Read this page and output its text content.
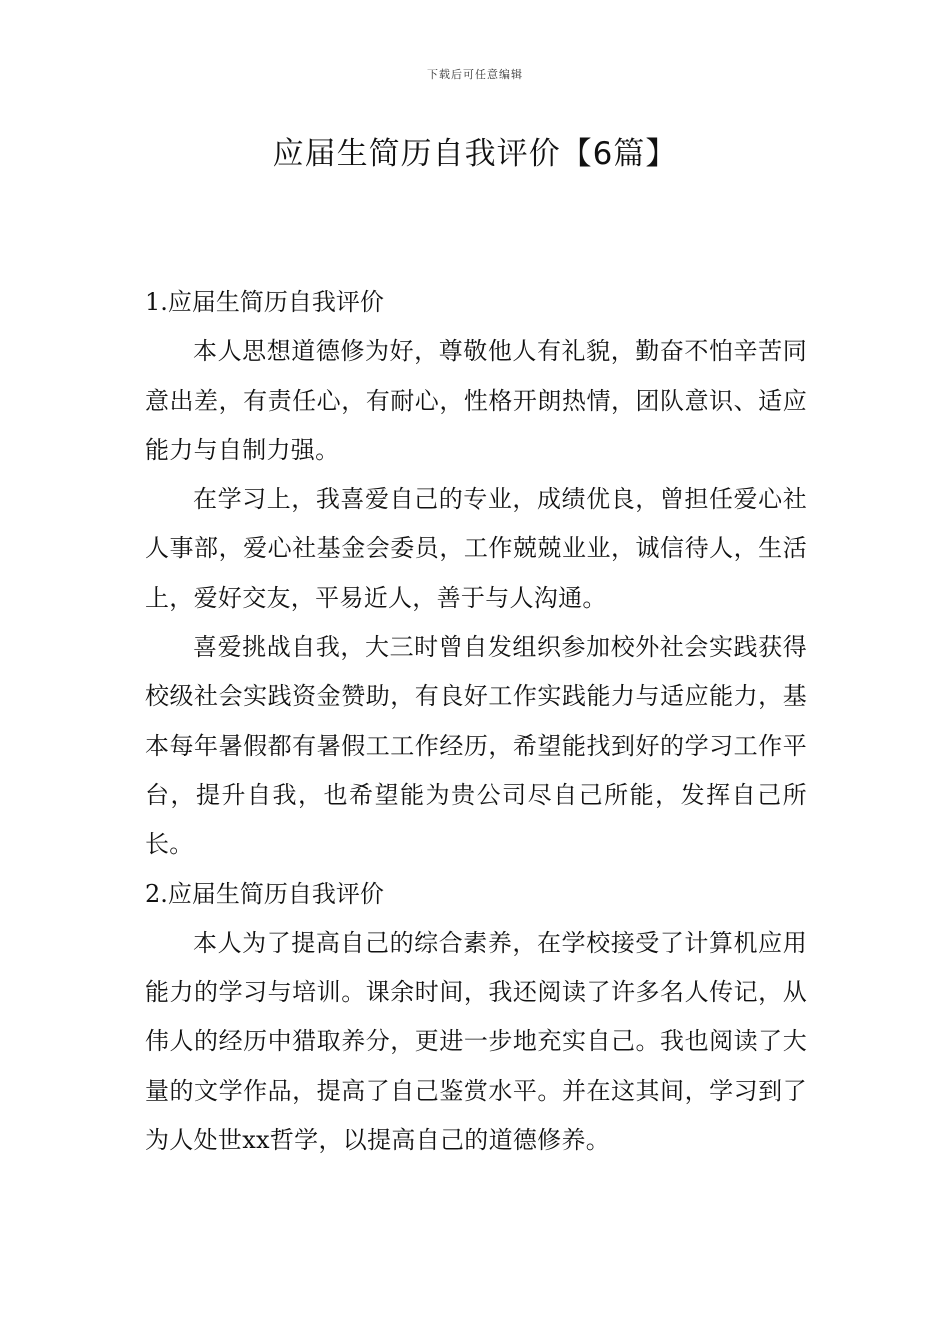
下载后可任意编辑
应届生简历自我评价【6篇】

1.应届生简历自我评价

本人思想道德修为好，尊敬他人有礼貌，勤奋不怕辛苦同意出差，有责任心，有耐心，性格开朗热情，团队意识、适应能力与自制力强。

在学习上，我喜爱自己的专业，成绩优良，曾担任爱心社人事部，爱心社基金会委员，工作兢兢业业，诚信待人，生活上，爱好交友，平易近人，善于与人沟通。

喜爱挑战自我，大三时曾自发组织参加校外社会实践获得校级社会实践资金赞助，有良好工作实践能力与适应能力，基本每年暑假都有暑假工工作经历，希望能找到好的学习工作平台，提升自我，也希望能为贵公司尽自己所能，发挥自己所长。

2.应届生简历自我评价

本人为了提高自己的综合素养，在学校接受了计算机应用能力的学习与培训。课余时间，我还阅读了许多名人传记，从伟人的经历中猎取养分，更进一步地充实自己。我也阅读了大量的文学作品，提高了自己鉴赏水平。并在这其间，学习到了为人处世xx哲学，以提高自己的道德修养。
